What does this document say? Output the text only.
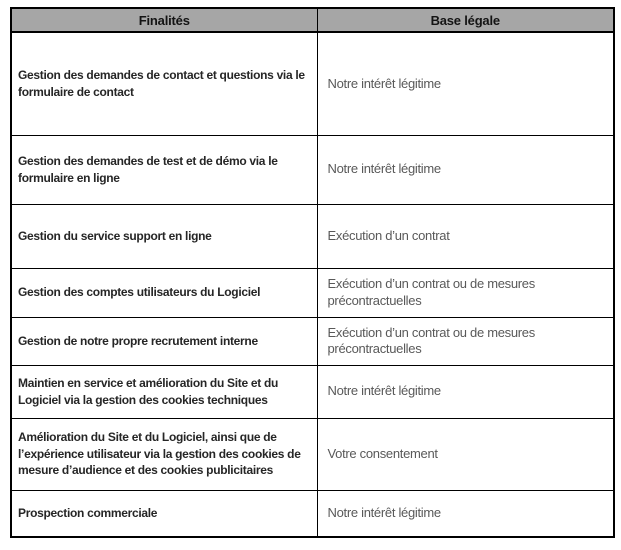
Finalités	Base légale
Gestion des demandes de contact et questions via le formulaire de contact	Notre intérêt légitime
Gestion des demandes de test et de démo via le formulaire en ligne	Notre intérêt légitime
Gestion du service support en ligne	Exécution d’un contrat
Gestion des comptes utilisateurs du Logiciel	Exécution d’un contrat ou de mesures précontractuelles
Gestion de notre propre recrutement interne	Exécution d’un contrat ou de mesures précontractuelles
Maintien en service et amélioration du Site et du Logiciel via la gestion des cookies techniques	Notre intérêt légitime
Amélioration du Site et du Logiciel, ainsi que de l’expérience utilisateur via la gestion des cookies de mesure d’audience et des cookies publicitaires	Votre consentement
Prospection commerciale	Notre intérêt légitime
